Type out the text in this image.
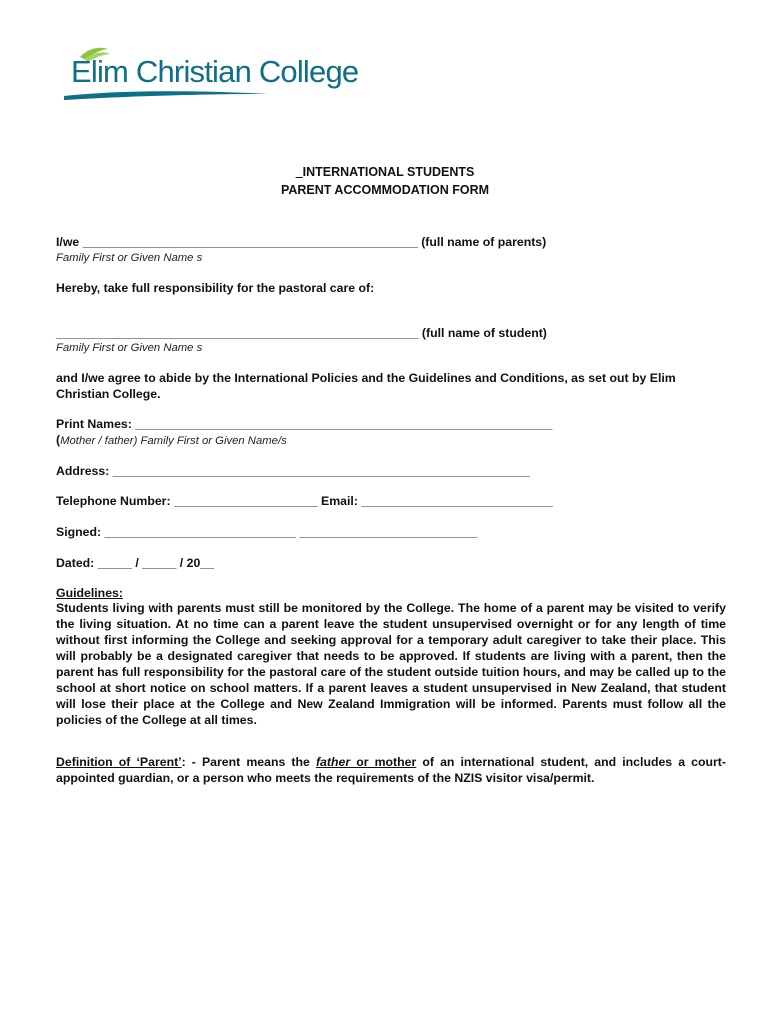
Elim Christian College
_INTERNATIONAL STUDENTS
PARENT ACCOMMODATION FORM
I/we _________________________________________________ (full name of parents)
Family First or Given Name s
Hereby, take full responsibility for the pastoral care of:
_____________________________________________________ (full name of student)
Family First or Given Name s
and I/we agree to abide by the International Policies and the Guidelines and Conditions, as set out by Elim Christian College.
Print Names: _____________________________________________________________
(Mother / father) Family First or Given Name/s
Address: _____________________________________________________________
Telephone Number: _____________________ Email: ____________________________
Signed: ____________________________ __________________________
Dated: _____ / _____ / 20__
Guidelines:
Students living with parents must still be monitored by the College. The home of a parent may be visited to verify the living situation. At no time can a parent leave the student unsupervised overnight or for any length of time without first informing the College and seeking approval for a temporary adult caregiver to take their place. This will probably be a designated caregiver that needs to be approved. If students are living with a parent, then the parent has full responsibility for the pastoral care of the student outside tuition hours, and may be called up to the school at short notice on school matters. If a parent leaves a student unsupervised in New Zealand, that student will lose their place at the College and New Zealand Immigration will be informed. Parents must follow all the policies of the College at all times.
Definition of ‘Parent’: - Parent means the father or mother of an international student, and includes a court-appointed guardian, or a person who meets the requirements of the NZIS visitor visa/permit.
